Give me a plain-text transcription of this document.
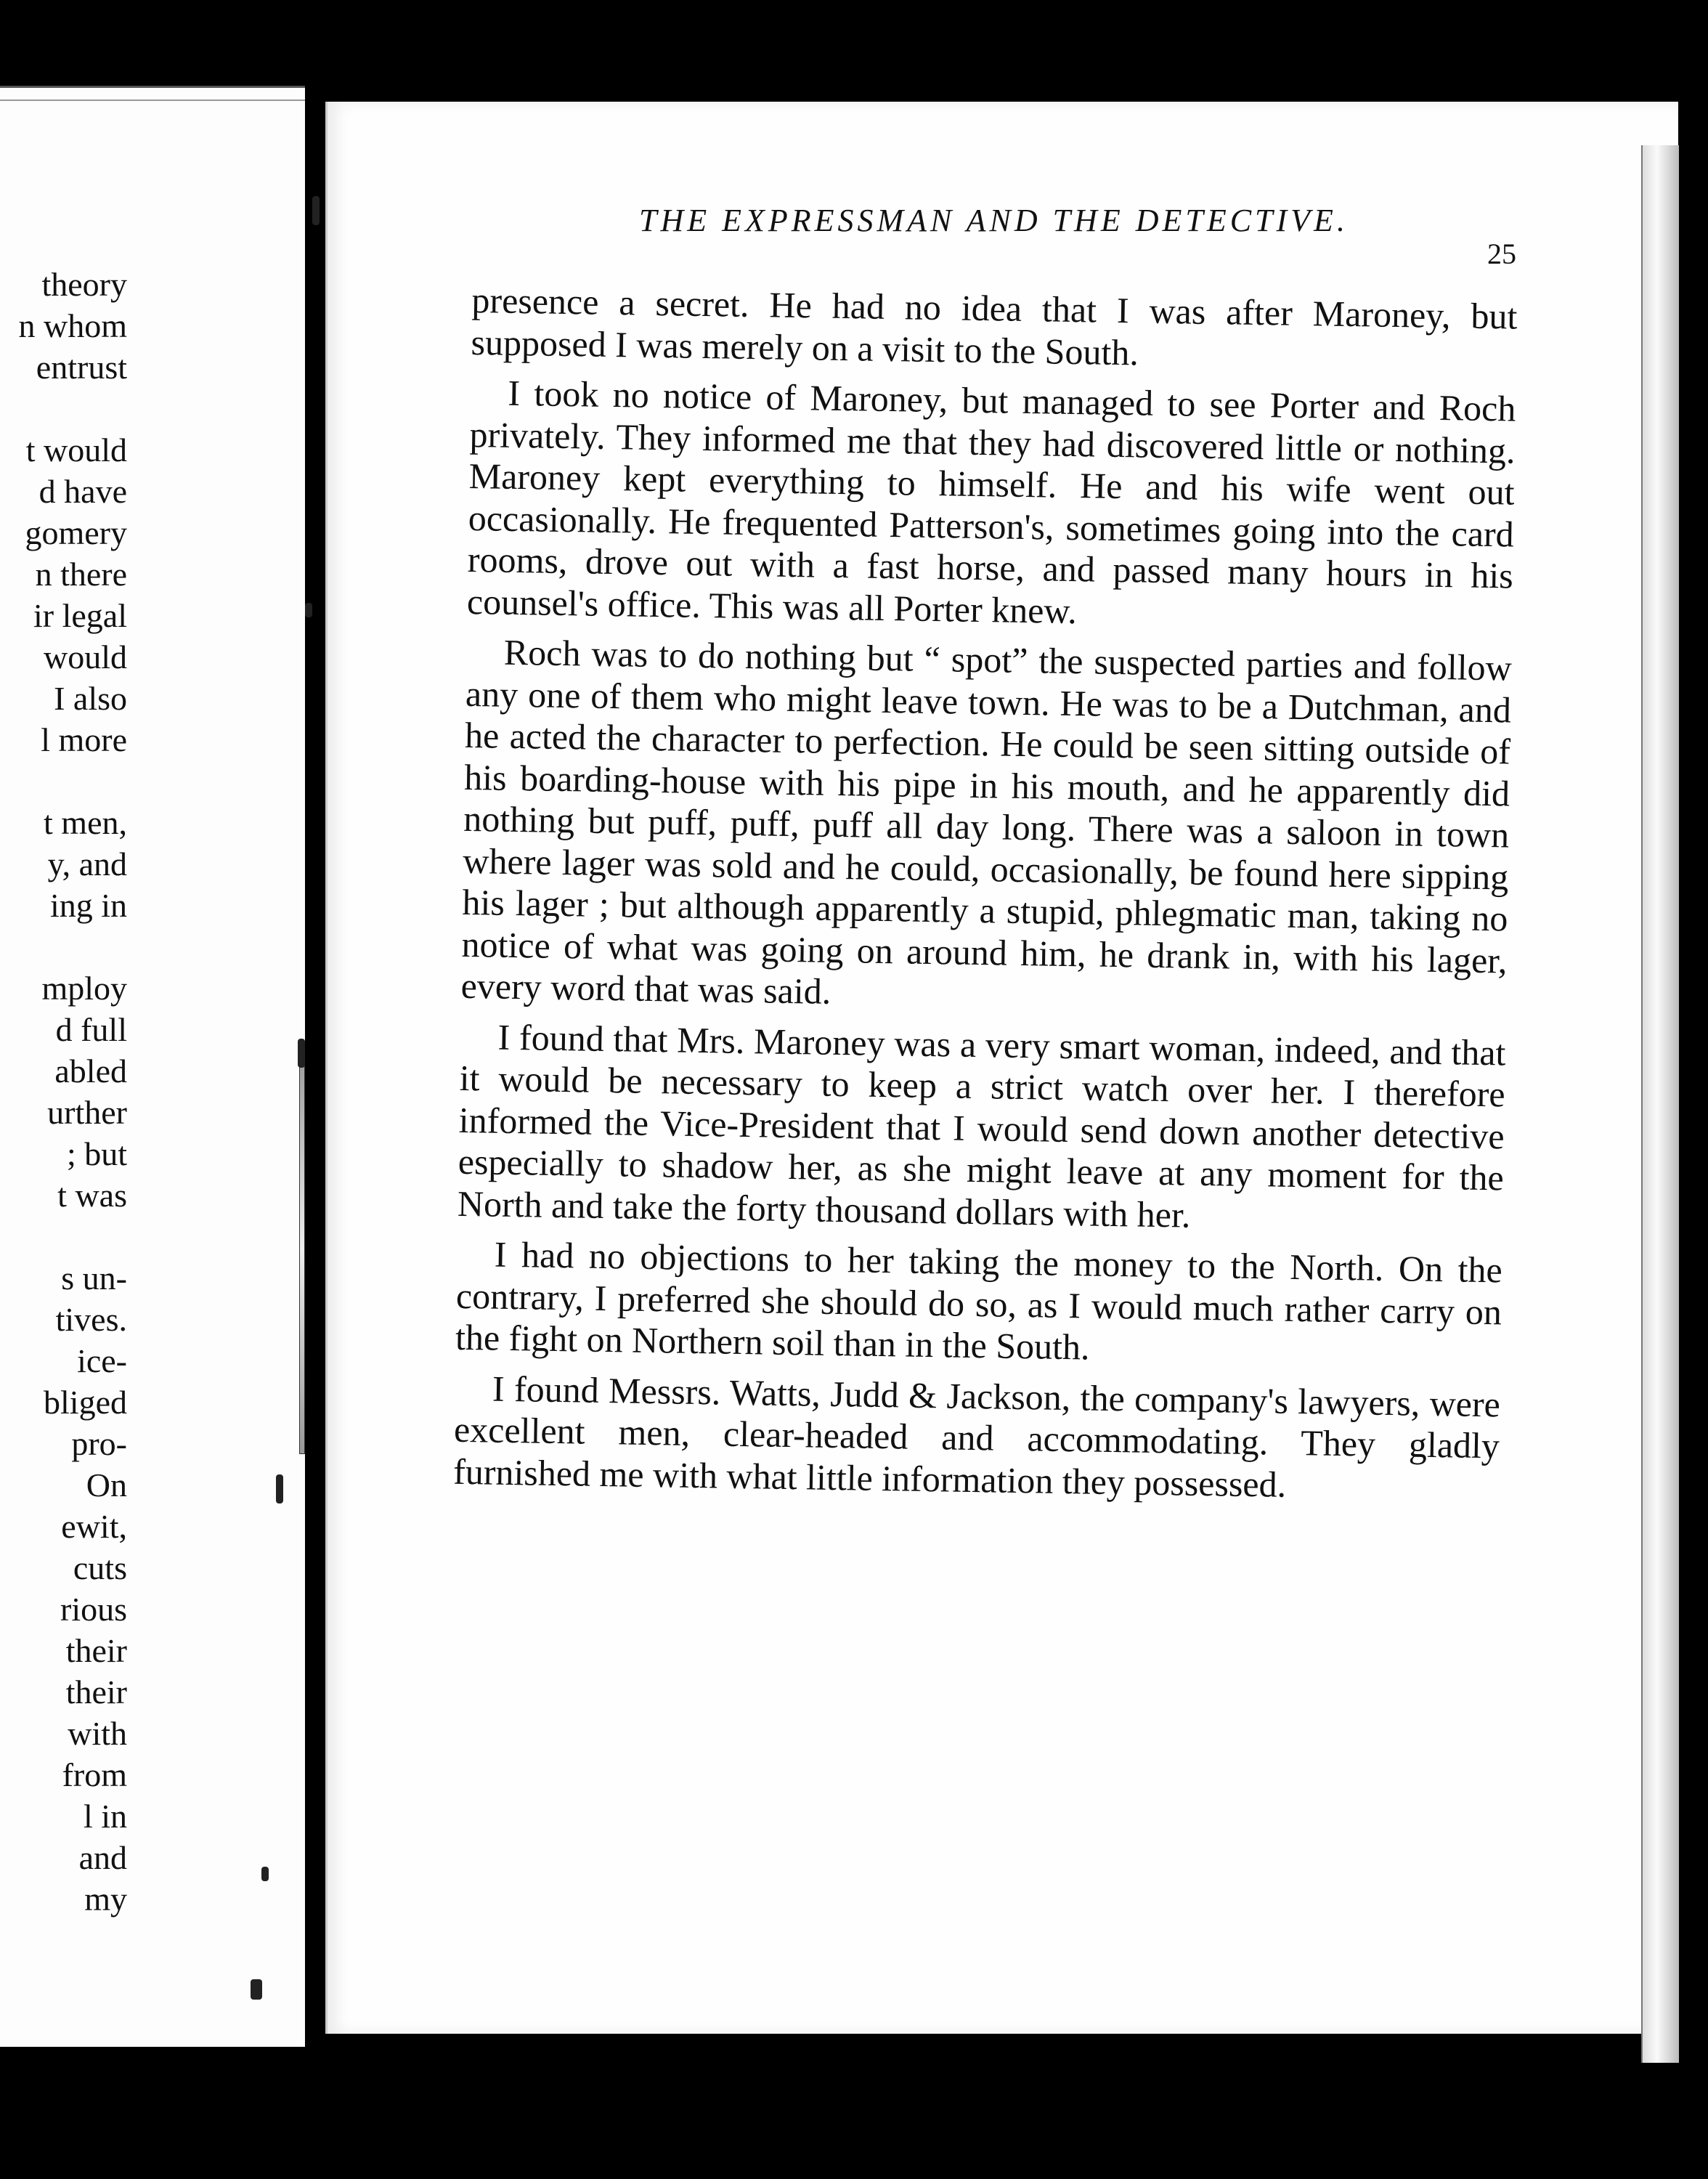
theory
n whom
entrust
t would
d have
gomery
n there
ir legal
would
I also
l more
t men,
y, and
ing in
mploy
d full
abled
urther
; but
t was
s un-
tives.
ice-
bliged
pro-
On
ewit,
cuts
rious
their
their
with
from
l in
and
my
THE EXPRESSMAN AND THE DETECTIVE.
25

presence a secret. He had no idea that I was after Maroney, but supposed I was merely on a visit to the South.

I took no notice of Maroney, but managed to see Porter and Roch privately. They informed me that they had discovered little or nothing. Maroney kept everything to himself. He and his wife went out occasionally. He frequented Patterson's, sometimes going into the card rooms, drove out with a fast horse, and passed many hours in his counsel's office. This was all Porter knew.

Roch was to do nothing but “ spot” the suspected parties and follow any one of them who might leave town. He was to be a Dutchman, and he acted the character to perfection. He could be seen sitting outside of his boarding-house with his pipe in his mouth, and he apparently did nothing but puff, puff, puff all day long. There was a saloon in town where lager was sold and he could, occasionally, be found here sipping his lager ; but although apparently a stupid, phlegmatic man, taking no notice of what was going on around him, he drank in, with his lager, every word that was said.

I found that Mrs. Maroney was a very smart woman, indeed, and that it would be necessary to keep a strict watch over her. I therefore informed the Vice-President that I would send down another detective especially to shadow her, as she might leave at any moment for the North and take the forty thousand dollars with her.

I had no objections to her taking the money to the North. On the contrary, I preferred she should do so, as I would much rather carry on the fight on Northern soil than in the South.

I found Messrs. Watts, Judd & Jackson, the company's lawyers, were excellent men, clear-headed and accommodating. They gladly furnished me with what little information they possessed.
